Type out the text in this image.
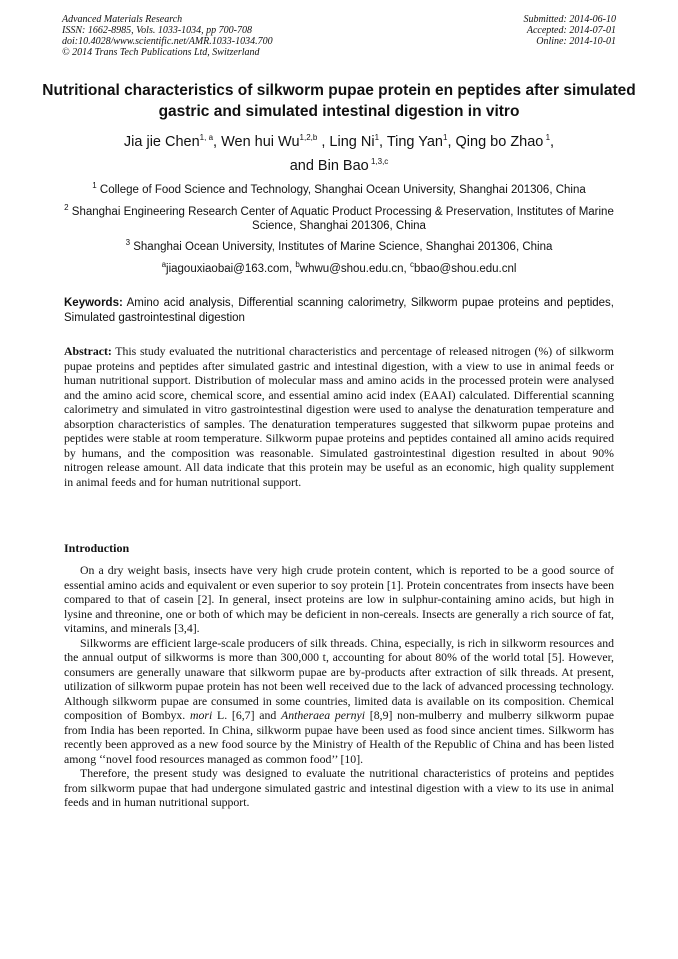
Advanced Materials Research
ISSN: 1662-8985, Vols. 1033-1034, pp 700-708
doi:10.4028/www.scientific.net/AMR.1033-1034.700
© 2014 Trans Tech Publications Ltd, Switzerland
Submitted: 2014-06-10
Accepted: 2014-07-01
Online: 2014-10-01
Nutritional characteristics of silkworm pupae protein en peptides after simulated gastric and simulated intestinal digestion in vitro
Jia jie Chen$^{1, a}$, Wen hui Wu$^{1,2,b}$ , Ling Ni$^1$, Ting Yan$^1$, Qing bo Zhao $^1$,
and Bin Bao $^{1,3,c}$
$^1$ College of Food Science and Technology, Shanghai Ocean University, Shanghai 201306, China
$^2$ Shanghai Engineering Research Center of Aquatic Product Processing & Preservation, Institutes of Marine Science, Shanghai 201306, China
$^3$ Shanghai Ocean University, Institutes of Marine Science, Shanghai 201306, China
$^a$jiagouxiaobai@163.com, $^b$whwu@shou.edu.cn, $^c$bbao@shou.edu.cnl
Keywords: Amino acid analysis, Differential scanning calorimetry, Silkworm pupae proteins and peptides, Simulated gastrointestinal digestion
Abstract: This study evaluated the nutritional characteristics and percentage of released nitrogen (%) of silkworm pupae proteins and peptides after simulated gastric and intestinal digestion, with a view to use in animal feeds or human nutritional support. Distribution of molecular mass and amino acids in the processed protein were analysed and the amino acid score, chemical score, and essential amino acid index (EAAI) calculated. Differential scanning calorimetry and simulated in vitro gastrointestinal digestion were used to analyse the denaturation temperature and absorption characteristics of samples. The denaturation temperatures suggested that silkworm pupae proteins and peptides were stable at room temperature. Silkworm pupae proteins and peptides contained all amino acids required by humans, and the composition was reasonable. Simulated gastrointestinal digestion resulted in about 90% nitrogen release amount. All data indicate that this protein may be useful as an economic, high quality supplement in animal feeds and for human nutritional support.
Introduction

On a dry weight basis, insects have very high crude protein content, which is reported to be a good source of essential amino acids and equivalent or even superior to soy protein [1]. Protein concentrates from insects have been compared to that of casein [2]. In general, insect proteins are low in sulphur-containing amino acids, but high in lysine and threonine, one or both of which may be deficient in non-cereals. Insects are generally a rich source of fat, vitamins, and minerals [3,4].

Silkworms are efficient large-scale producers of silk threads. China, especially, is rich in silkworm resources and the annual output of silkworms is more than 300,000 t, accounting for about 80% of the world total [5]. However, consumers are generally unaware that silkworm pupae are by-products after extraction of silk threads. At present, utilization of silkworm pupae protein has not been well received due to the lack of advanced processing technology. Although silkworm pupae are consumed in some countries, limited data is available on its composition. Chemical composition of Bombyx. mori L. [6,7] and Antheraea pernyi [8,9] non-mulberry and mulberry silkworm pupae from India has been reported. In China, silkworm pupae have been used as food since ancient times. Silkworm has recently been approved as a new food source by the Ministry of Health of the Republic of China and has been listed among ‘‘novel food resources managed as common food’’ [10].

Therefore, the present study was designed to evaluate the nutritional characteristics of proteins and peptides from silkworm pupae that had undergone simulated gastric and intestinal digestion with a view to its use in animal feeds and in human nutritional support.
